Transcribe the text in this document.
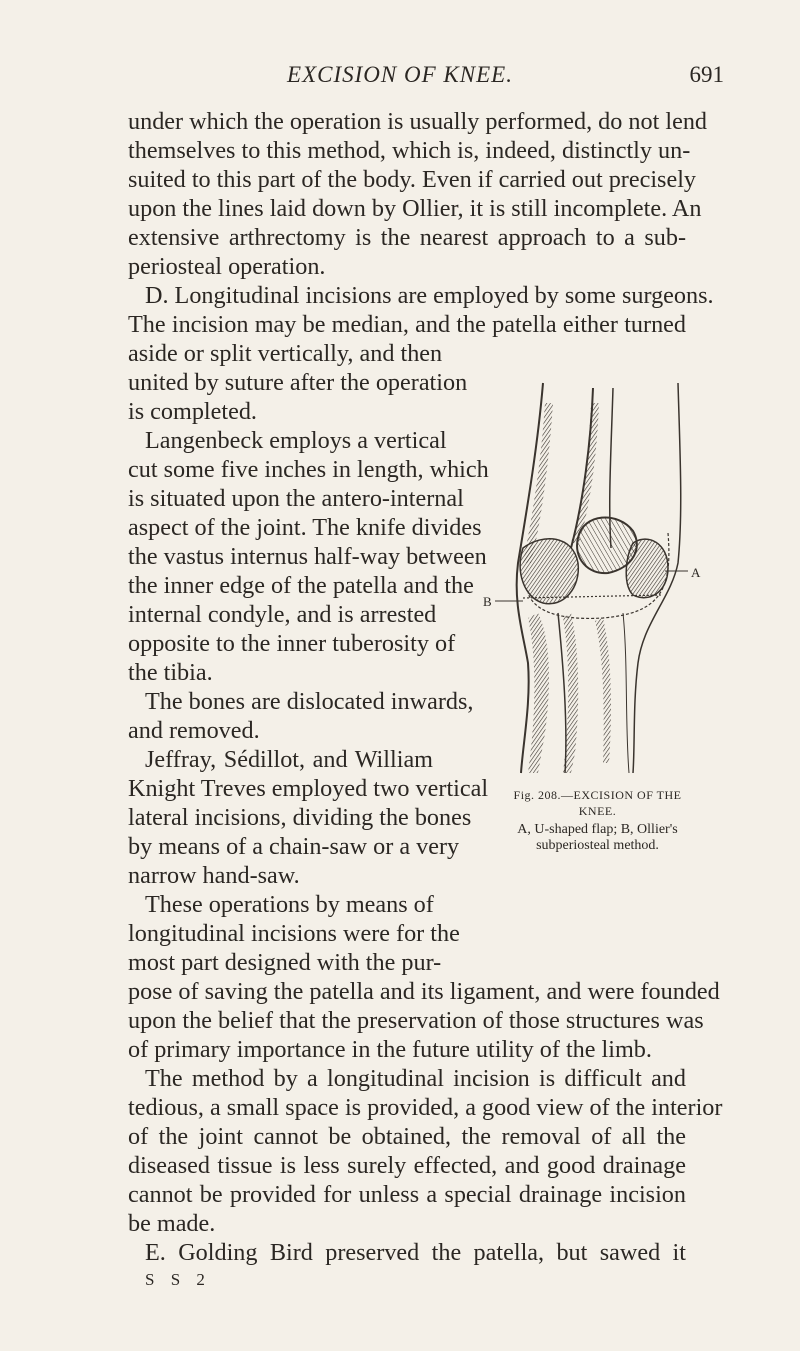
EXCISION OF KNEE.	691
under which the operation is usually performed, do not lend
themselves to this method, which is, indeed, distinctly un-
suited to this part of the body. Even if carried out precisely
upon the lines laid down by Ollier, it is still incomplete. An
extensive arthrectomy is the nearest approach to a sub-
periosteal operation.
D. Longitudinal incisions are employed by some surgeons.
The incision may be median, and the patella either turned
aside or split vertically, and then
united by suture after the operation
is completed.
Langenbeck employs a vertical
cut some five inches in length, which
is situated upon the antero-internal
aspect of the joint. The knife divides
the vastus internus half-way between
the inner edge of the patella and the
internal condyle, and is arrested
opposite to the inner tuberosity of
the tibia.
The bones are dislocated inwards,
and removed.
Jeffray, Sédillot, and William
Knight Treves employed two vertical
lateral incisions, dividing the bones
by means of a chain-saw or a very
narrow hand-saw.
These operations by means of
longitudinal incisions were for the
most part designed with the pur-
pose of saving the patella and its ligament, and were founded
upon the belief that the preservation of those structures was
of primary importance in the future utility of the limb.
The method by a longitudinal incision is difficult and
tedious, a small space is provided, a good view of the interior
of the joint cannot be obtained, the removal of all the
diseased tissue is less surely effected, and good drainage
cannot be provided for unless a special drainage incision
be made.
E. Golding Bird preserved the patella, but sawed it
S S 2
A
B
Fig. 208.—EXCISION OF THE
KNEE.
A, U-shaped flap; B, Ollier's
subperiosteal method.
